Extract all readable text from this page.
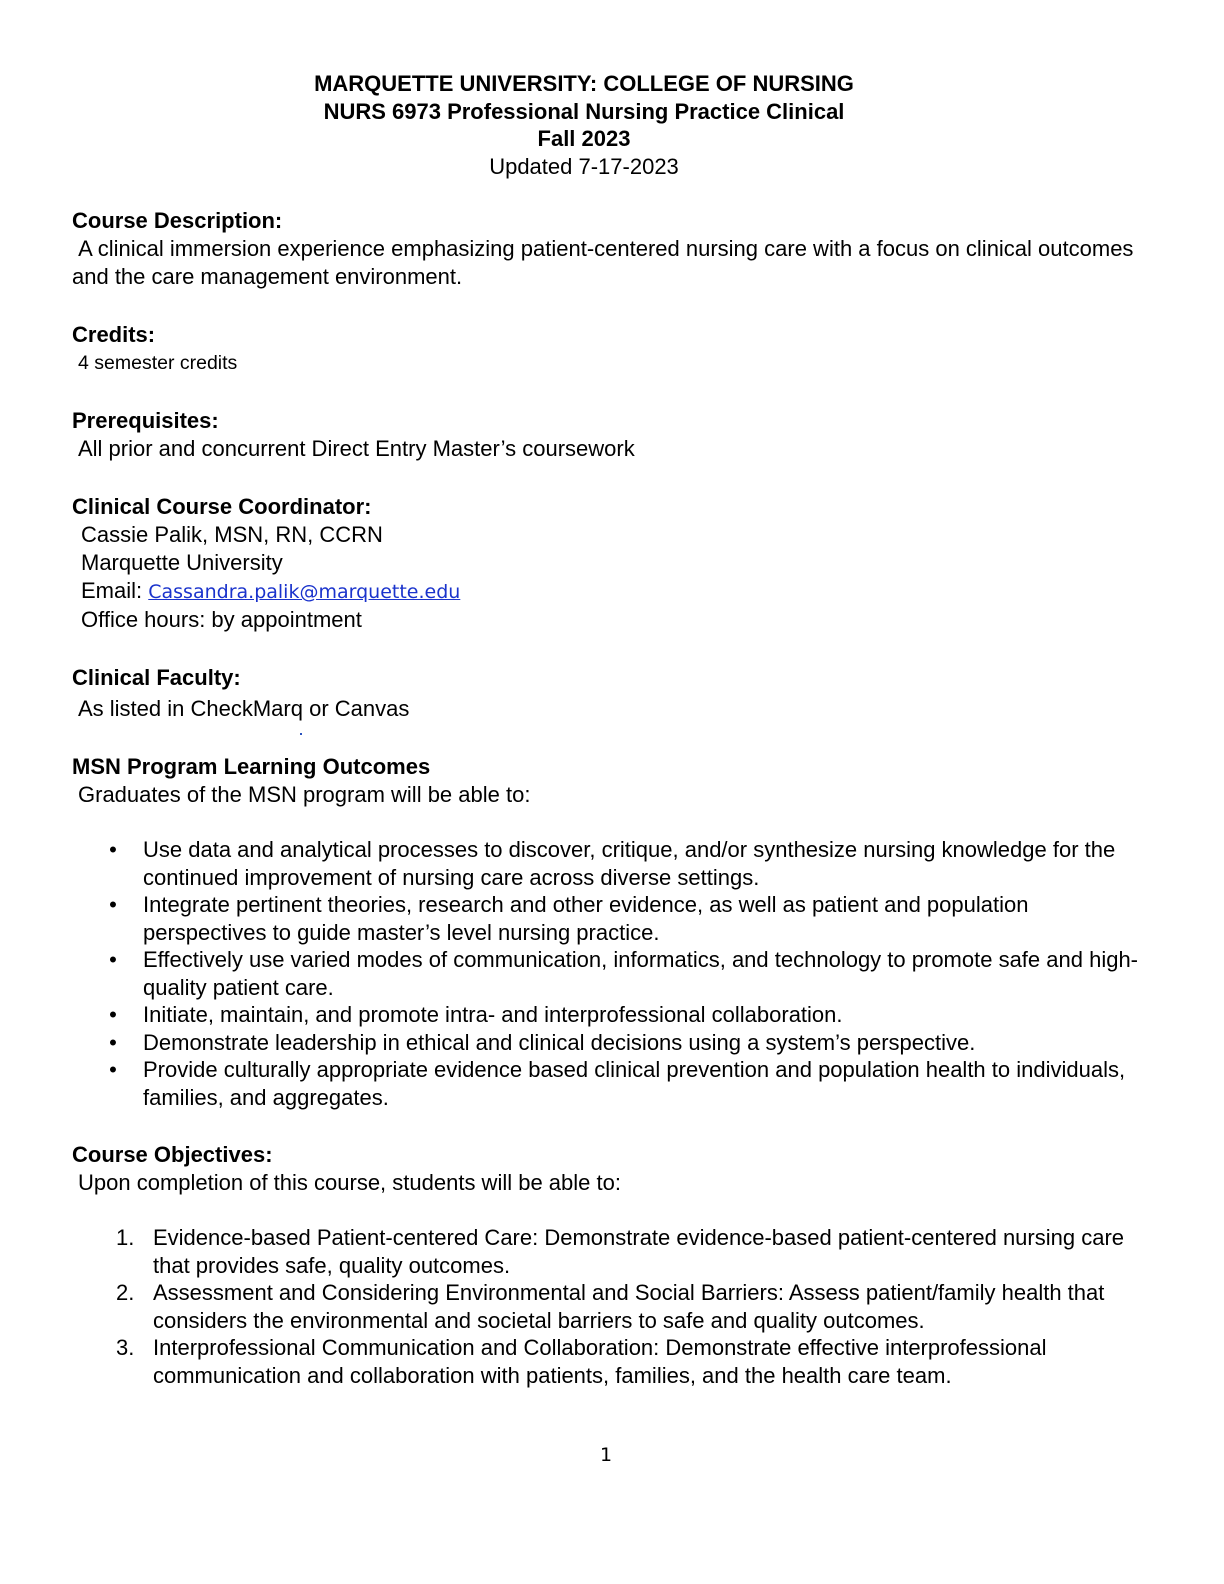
MARQUETTE UNIVERSITY: COLLEGE OF NURSING
NURS 6973 Professional Nursing Practice Clinical
Fall 2023
Updated 7-17-2023
Course Description:
A clinical immersion experience emphasizing patient-centered nursing care with a focus on clinical outcomes and the care management environment.
Credits:
4 semester credits
Prerequisites:
All prior and concurrent Direct Entry Master’s coursework
Clinical Course Coordinator:
Cassie Palik, MSN, RN, CCRN
Marquette University
Email: Cassandra.palik@marquette.edu
Office hours: by appointment
Clinical Faculty:
As listed in CheckMarq or Canvas
MSN Program Learning Outcomes
Graduates of the MSN program will be able to:
• Use data and analytical processes to discover, critique, and/or synthesize nursing knowledge for the continued improvement of nursing care across diverse settings.
• Integrate pertinent theories, research and other evidence, as well as patient and population perspectives to guide master’s level nursing practice.
• Effectively use varied modes of communication, informatics, and technology to promote safe and high-quality patient care.
• Initiate, maintain, and promote intra- and interprofessional collaboration.
• Demonstrate leadership in ethical and clinical decisions using a system’s perspective.
• Provide culturally appropriate evidence based clinical prevention and population health to individuals, families, and aggregates.
Course Objectives:
Upon completion of this course, students will be able to:
1. Evidence-based Patient-centered Care: Demonstrate evidence-based patient-centered nursing care that provides safe, quality outcomes.
2. Assessment and Considering Environmental and Social Barriers: Assess patient/family health that considers the environmental and societal barriers to safe and quality outcomes.
3. Interprofessional Communication and Collaboration: Demonstrate effective interprofessional communication and collaboration with patients, families, and the health care team.
1
